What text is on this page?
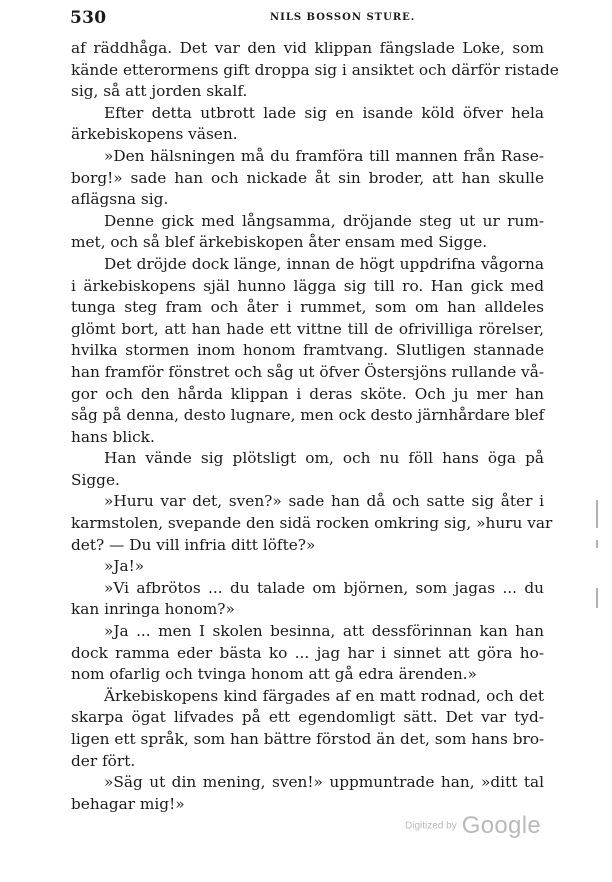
530	NILS BOSSON STURE.
af räddhåga. Det var den vid klippan fängslade Loke, som
kände etterormens gift droppa sig i ansiktet och därför ristade
sig, så att jorden skalf.
Efter detta utbrott lade sig en isande köld öfver hela
ärkebiskopens väsen.
»Den hälsningen må du framföra till mannen från Rase-
borg!» sade han och nickade åt sin broder, att han skulle
aflägsna sig.
Denne gick med långsamma, dröjande steg ut ur rum-
met, och så blef ärkebiskopen åter ensam med Sigge.
Det dröjde dock länge, innan de högt uppdrifna vågorna
i ärkebiskopens själ hunno lägga sig till ro. Han gick med
tunga steg fram och åter i rummet, som om han alldeles
glömt bort, att han hade ett vittne till de ofrivilliga rörelser,
hvilka stormen inom honom framtvang. Slutligen stannade
han framför fönstret och såg ut öfver Östersjöns rullande vå-
gor och den hårda klippan i deras sköte. Och ju mer han
såg på denna, desto lugnare, men ock desto järnhårdare blef
hans blick.
Han vände sig plötsligt om, och nu föll hans öga på
Sigge.
»Huru var det, sven?» sade han då och satte sig åter i
karmstolen, svepande den sidä rocken omkring sig, »huru var
det? — Du vill infria ditt löfte?»
»Ja!»
»Vi afbrötos ... du talade om björnen, som jagas ... du
kan inringa honom?»
»Ja ... men I skolen besinna, att dessförinnan kan han
dock ramma eder bästa ko ... jag har i sinnet att göra ho-
nom ofarlig och tvinga honom att gå edra ärenden.»
Ärkebiskopens kind färgades af en matt rodnad, och det
skarpa ögat lifvades på ett egendomligt sätt. Det var tyd-
ligen ett språk, som han bättre förstod än det, som hans bro-
der fört.
»Säg ut din mening, sven!» uppmuntrade han, »ditt tal
behagar mig!»
Digitized by Google
